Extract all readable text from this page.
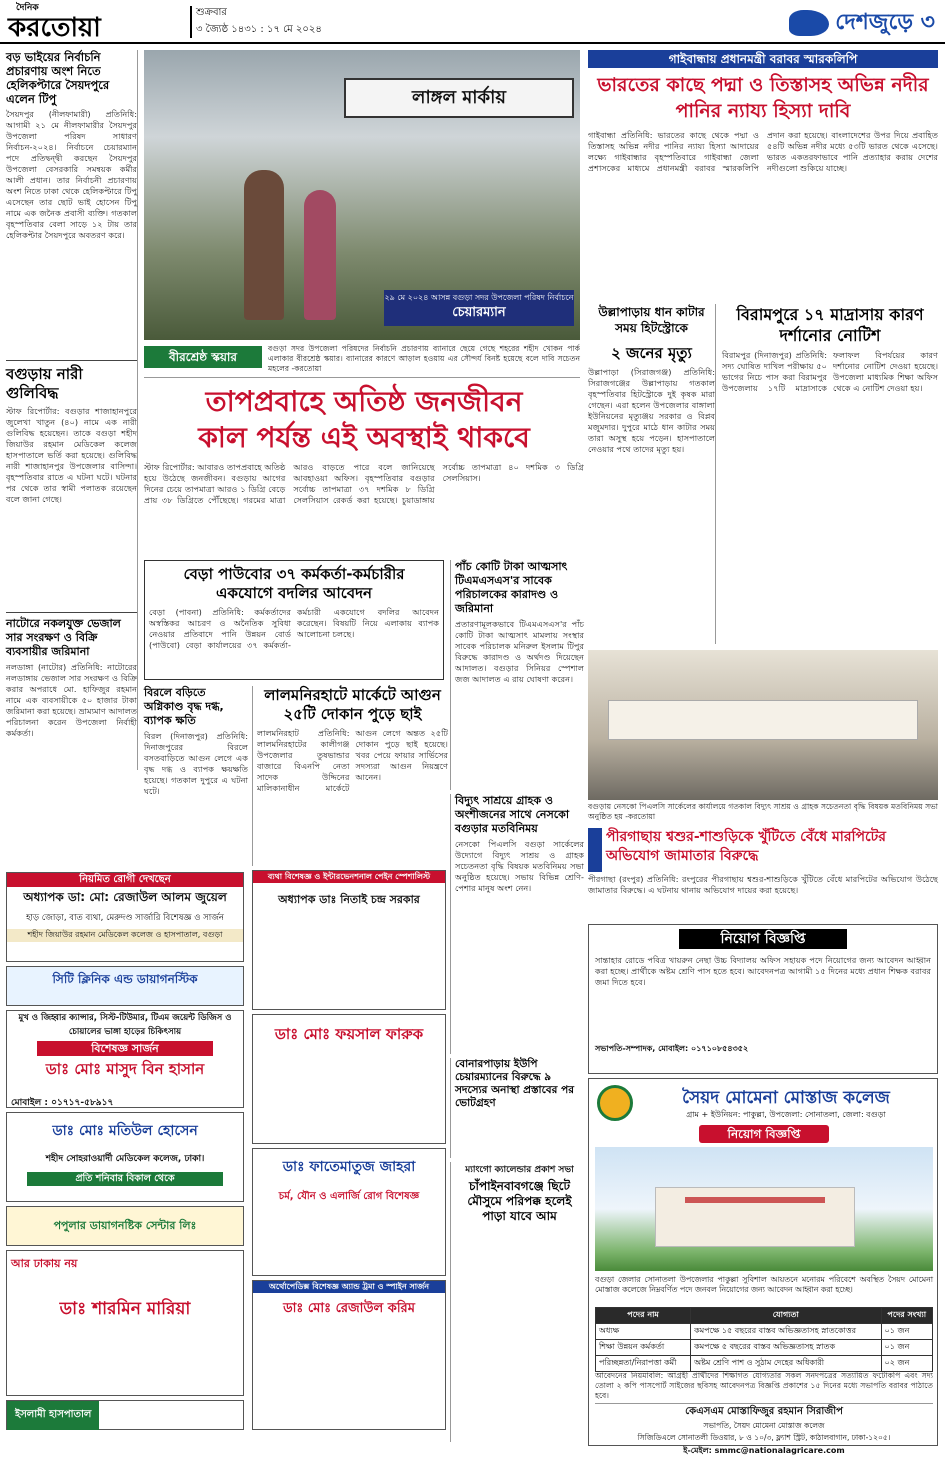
দৈনিক
করতোয়া
শুক্রবার
৩ জ্যৈষ্ঠ ১৪৩১ : ১৭ মে ২০২৪	দেশজুড়ে ৩
বড় ভাইয়ের নির্বাচনি প্রচারণায় অংশ নিতে হেলিকপ্টারে সৈয়দপুরে এলেন টিপু
সৈয়দপুর (নীলফামারী) প্রতিনিধি: আগামী ২১ মে নীলফামারীর সৈয়দপুর উপজেলা পরিষদ সাধারণ নির্বাচন-২০২৪। নির্বাচনে চেয়ারম্যান পদে প্রতিদ্বন্দ্বী করছেন সৈয়দপুর উপজেলা বেসরকারি সমন্বয়ক কর্মীর আলী প্রধান। তার নির্বাচনী প্রচারণায় অংশ নিতে ঢাকা থেকে হেলিকপ্টারে টিপু এসেছেন তার ছোট ভাই হোসেন টিপু নামে এক জনৈক প্রবাসী ব্যক্তি। গতকাল বৃহস্পতিবার বেলা সাড়ে ১২ টায় তার হেলিকপ্টার সৈয়দপুরে অবতরণ করে।
বগুড়ায় নারী গুলিবিদ্ধ
স্টাফ রিপোর্টার: বগুড়ার শাজাহানপুরে জুলেখা খাতুন (৪০) নামে এক নারী গুলিবিদ্ধ হয়েছেন। তাকে বগুড়া শহীদ জিয়াউর রহমান মেডিকেল কলেজ হাসপাতালে ভর্তি করা হয়েছে। গুলিবিদ্ধ নারী শাজাহানপুর উপজেলার বাসিন্দা। বৃহস্পতিবার রাতে এ ঘটনা ঘটে। ঘটনার পর থেকে তার স্বামী পলাতক রয়েছেন বলে জানা গেছে।
নাটোরে নকলযুক্ত ভেজাল সার সংরক্ষণ ও বিক্রি ব্যবসায়ীর জরিমানা
নলডাঙ্গা (নাটোর) প্রতিনিধি: নাটোরের নলডাঙ্গায় ভেজাল সার সংরক্ষণ ও বিক্রি করার অপরাধে মো. হাফিজুর রহমান নামে এক ব্যবসায়ীকে ৫০ হাজার টাকা জরিমানা করা হয়েছে। ভ্রাম্যমাণ আদালত পরিচালনা করেন উপজেলা নির্বাহী কর্মকর্তা।
লাঙ্গল মার্কায়
২৯ মে ২০২৪ আসন্ন বগুড়া সদর উপজেলা পরিষদ নির্বাচনে
চেয়ারম্যান
বীরশ্রেষ্ঠ স্কয়ার
বগুড়া সদর উপজেলা পরিষদের নির্বাচনি প্রচারণায় ব্যানারে ছেয়ে গেছে শহরের শহীদ খোকন পার্ক এলাকার বীরশ্রেষ্ঠ স্কয়ার। ব্যানারের কারণে আড়াল হওয়ায় এর সৌন্দর্য বিনষ্ট হয়েছে বলে দাবি সচেতন মহলের -করতোয়া
গাইবান্ধায় প্রধানমন্ত্রী বরাবর স্মারকলিপি
ভারতের কাছে পদ্মা ও তিস্তাসহ অভিন্ন নদীর পানির ন্যায্য হিস্যা দাবি
গাইবান্ধা প্রতিনিধি: ভারতের কাছে থেকে পদ্মা ও তিস্তাসহ অভিন্ন নদীর পানির ন্যায্য হিস্যা আদায়ের লক্ষ্যে গাইবান্ধার বৃহস্পতিবারে গাইবান্ধা জেলা প্রশাসকের মাধ্যমে প্রধানমন্ত্রী বরাবর স্মারকলিপি প্রদান করা হয়েছে। বাংলাদেশের উপর দিয়ে প্রবাহিত ৫৪টি অভিন্ন নদীর মধ্যে ৫৩টি ভারত থেকে এসেছে। ভারত একতরফাভাবে পানি প্রত্যাহার করায় দেশের নদীগুলো শুকিয়ে যাচ্ছে।
উল্লাপাড়ায় ধান কাটার সময় হিটস্ট্রোকে
২ জনের মৃত্যু
উল্লাপাড়া (সিরাজগঞ্জ) প্রতিনিধি: সিরাজগঞ্জের উল্লাপাড়ায় গতকাল বৃহস্পতিবার হিটস্ট্রোকে দুই কৃষক মারা গেছেন। এরা হলেন উপজেলার বাঙ্গালা ইউনিয়নের মৃত্যুঞ্জয় সরকার ও বিপ্লব মজুমদার। দুপুরে মাঠে ধান কাটার সময় তারা অসুস্থ হয়ে পড়েন। হাসপাতালে নেওয়ার পথে তাদের মৃত্যু হয়।
বিরামপুরে ১৭ মাদ্রাসায় কারণ দর্শানোর নোটিশ
বিরামপুর (দিনাজপুর) প্রতিনিধি: সদ্য ঘোষিত দাখিল পরীক্ষায় ৫০ ভাগের নিচে পাস করা বিরামপুর উপজেলায় ১৭টি মাদ্রাসাকে ফলাফল বিপর্যয়ের কারণ দর্শানোর নোটিশ দেওয়া হয়েছে। উপজেলা মাধ্যমিক শিক্ষা অফিস থেকে এ নোটিশ দেওয়া হয়।
তাপপ্রবাহে অতিষ্ঠ জনজীবন
কাল পর্যন্ত এই অবস্থাই থাকবে
স্টাফ রিপোর্টার: আবারও তাপপ্রবাহে অতিষ্ঠ হয়ে উঠেছে জনজীবন। বগুড়ায় আগের দিনের চেয়ে তাপমাত্রা আরও ১ ডিগ্রি বেড়ে প্রায় ৩৮ ডিগ্রিতে পৌঁছেছে। গরমের মাত্রা আরও বাড়তে পারে বলে জানিয়েছে আবহাওয়া অফিস। বৃহস্পতিবার বগুড়ার সর্বোচ্চ তাপমাত্রা ৩৭ দশমিক ৮ ডিগ্রি সেলসিয়াস রেকর্ড করা হয়েছে। চুয়াডাঙ্গায় সর্বোচ্চ তাপমাত্রা ৪০ দশমিক ৩ ডিগ্রি সেলসিয়াস।
বেড়া পাউবোর ৩৭ কর্মকর্তা-কর্মচারীর
একযোগে বদলির আবেদন
বেড়া (পাবনা) প্রতিনিধি: কর্মকর্তাদের অস্বস্তিকর আচরণ ও অনৈতিক সুবিধা নেওয়ার প্রতিবাদে পানি উন্নয়ন বোর্ড (পাউবো) বেড়া কার্যালয়ের ৩৭ কর্মকর্তা-কর্মচারী একযোগে বদলির আবেদন করেছেন। বিষয়টি নিয়ে এলাকায় ব্যাপক আলোচনা চলছে।
পাঁচ কোটি টাকা আত্মসাৎ টিএমএসএস'র সাবেক পরিচালকের কারাদণ্ড ও জরিমানা
প্রতারণামূলকভাবে টিএমএসএস'র পাঁচ কোটি টাকা আত্মসাৎ মামলায় সংস্থার সাবেক পরিচালক মনিরুল ইসলাম টিপুর বিরুদ্ধে কারাদণ্ড ও অর্থদণ্ড দিয়েছেন আদালত। বগুড়ার সিনিয়র স্পেশাল জজ আদালত এ রায় ঘোষণা করেন।
বগুড়ায় নেসকো পিএলসি সার্কেলের কার্যালয়ে গতকাল বিদ্যুৎ সাশ্রয় ও গ্রাহক সচেতনতা বৃদ্ধি বিষয়ক মতবিনিময় সভা অনুষ্ঠিত হয় -করতোয়া
বিরলে বড়িতে অগ্নিকাণ্ড বৃদ্ধ দগ্ধ, ব্যাপক ক্ষতি
বিরল (দিনাজপুর) প্রতিনিধি: দিনাজপুরের বিরলে বসতবাড়িতে আগুন লেগে এক বৃদ্ধ দগ্ধ ও ব্যাপক ক্ষয়ক্ষতি হয়েছে। গতকাল দুপুরে এ ঘটনা ঘটে।
লালমনিরহাটে মার্কেটে আগুন ২৫টি দোকান পুড়ে ছাই
লালমনিরহাট প্রতিনিধি: লালমনিরহাটের কালীগঞ্জ উপজেলার তুষভান্ডার বাজারে বিএনপি নেতা সাদেক উদ্দিনের মালিকানাধীন মার্কেটে আগুন লেগে অন্তত ২৫টি দোকান পুড়ে ছাই হয়েছে। খবর পেয়ে ফায়ার সার্ভিসের সদস্যরা আগুন নিয়ন্ত্রণে আনেন।
বিদ্যুৎ সাশ্রয়ে গ্রাহক ও অংশীজনের সাথে নেসকো বগুড়ার মতবিনিময়
নেসকো পিএলসি বগুড়া সার্কেলের উদ্যোগে বিদ্যুৎ সাশ্রয় ও গ্রাহক সচেতনতা বৃদ্ধি বিষয়ক মতবিনিময় সভা অনুষ্ঠিত হয়েছে। সভায় বিভিন্ন শ্রেণি-পেশার মানুষ অংশ নেন।
পীরগাছায় শ্বশুর-শাশুড়িকে খুঁটিতে বেঁধে মারপিটের অভিযোগ জামাতার বিরুদ্ধে
পীরগাছা (রংপুর) প্রতিনিধি: রংপুরের পীরগাছায় শ্বশুর-শাশুড়িকে খুঁটিতে বেঁধে মারপিটের অভিযোগ উঠেছে জামাতার বিরুদ্ধে। এ ঘটনায় থানায় অভিযোগ দায়ের করা হয়েছে।
বোনারপাড়ায় ইউপি চেয়ারম্যানের বিরুদ্ধে ৯ সদস্যের অনাস্থা প্রস্তাবের পর ভোটগ্রহণ
ম্যাংগো ক্যালেন্ডার প্রকাশ সভা
চাঁপাইনবাবগঞ্জে ছিটে মৌসুমে পরিপক্ক হলেই পাড়া যাবে আম
নিয়মিত রোগী দেখছেন
অধ্যাপক ডা: মো: রেজাউল আলম জুয়েল
হাড় জোড়া, বাত ব্যথা, মেরুদণ্ড সার্জারি বিশেষজ্ঞ ও সার্জন
শহীদ জিয়াউর রহমান মেডিকেল কলেজ ও হাসপাতাল, বগুড়া
সিটি ক্লিনিক এন্ড ডায়াগনস্টিক
মুখ ও জিহ্বার ক্যান্সার, সিস্ট-টিউমার, টিএম জয়েন্ট ডিজিস ও চোয়ালের ভাঙ্গা হাড়ের চিকিৎসায়
বিশেষজ্ঞ সার্জন
ডাঃ মোঃ মাসুদ বিন হাসান
মোবাইল : ০১৭১৭-৫৮৯১৭
ডাঃ মোঃ মতিউল হোসেন
শহীদ সোহরাওয়ার্দী মেডিকেল কলেজ, ঢাকা।
প্রতি শনিবার বিকাল থেকে
পপুলার ডায়াগনষ্টিক সেন্টার লিঃ
আর ঢাকায় নয়
ডাঃ শারমিন মারিয়া
ইসলামী হাসপাতাল
ব্যথা বিশেষজ্ঞ ও ইন্টারভেনশনাল পেইন স্পেশালিস্ট
অধ্যাপক ডাঃ নিতাই চন্দ্র সরকার
ডাঃ মোঃ ফয়সাল ফারুক
ডাঃ ফাতেমাতুজ জাহরা
চর্ম, যৌন ও এলার্জি রোগ বিশেষজ্ঞ
অর্থোপেডিক্স বিশেষজ্ঞ অ্যান্ড ট্রমা ও স্পাইন সার্জন
ডাঃ মোঃ রেজাউল করিম
নিয়োগ বিজ্ঞপ্তি
সান্তাহার রোডে পবিত্র খায়রুন নেছা উচ্চ বিদ্যালয় অফিস সহায়ক পদে নিয়োগের জন্য আবেদন আহ্বান করা হচ্ছে। প্রার্থীকে অষ্টম শ্রেণি পাস হতে হবে। আবেদনপত্র আগামী ১৫ দিনের মধ্যে প্রধান শিক্ষক বরাবর জমা দিতে হবে।
সভাপতি-সম্পাদক, মোবাইল: ০১৭১০৮৫৪৩৫২
সৈয়দ মোমেনা মোস্তাজ কলেজ
গ্রাম + ইউনিয়ন: পাকুল্লা, উপজেলা: সোনাতলা, জেলা: বগুড়া
নিয়োগ বিজ্ঞপ্তি
বগুড়া জেলার সোনাতলা উপজেলার পাকুল্লা সুবিশাল আয়তনে মনোরম পরিবেশে অবস্থিত সৈয়দ মোমেনা মোস্তাজ কলেজে নিম্নবর্ণিত পদে জনবল নিয়োগের জন্য আবেদন আহ্বান করা হচ্ছে।
পদের নাম	যোগ্যতা	পদের সংখ্যা
অধ্যক্ষ	কমপক্ষে ১৫ বছরের বাস্তব অভিজ্ঞতাসহ স্নাতকোত্তর	০১ জন
শিক্ষা উন্নয়ন কর্মকর্তা	কমপক্ষে ৫ বছরের বাস্তব অভিজ্ঞতাসহ স্নাতক	০১ জন
পরিচ্ছন্নতা/নিরাপত্তা কর্মী	অষ্টম শ্রেণি পাশ ও সুঠাম দেহের অধিকারী	০২ জন
আবেদনের নিয়মাবলি: আগ্রহী প্রার্থীদের শিক্ষাগত যোগ্যতার সকল সনদপত্রের সত্যায়িত ফটোকপি এবং সদ্য তোলা ২ কপি পাসপোর্ট সাইজের ছবিসহ আবেদনপত্র বিজ্ঞপ্তি প্রকাশের ১৫ দিনের মধ্যে সভাপতি বরাবর পাঠাতে হবে।
কেএসএম মোস্তাফিজুর রহমান সিরাজীপ
সভাপতি, সৈয়দ মোমেনা মোস্তাজ কলেজ
সিজিডিএলে সোনাতলী ডিওয়ার, ৮ ও ১০/৩, ফ্ল্যাশ স্ট্রিট, কাঠালবাগান, ঢাকা-১২০৫।
ই-মেইল: smmc@nationalagricare.com
